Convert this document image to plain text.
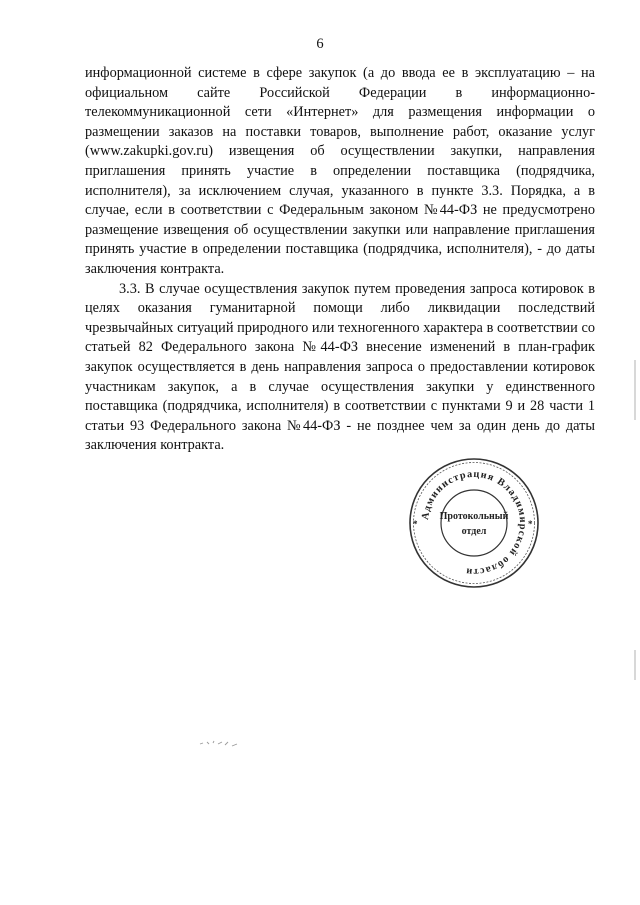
6

информационной системе в сфере закупок (а до ввода ее в эксплуатацию – на официальном сайте Российской Федерации в информационно-телекоммуникационной сети «Интернет» для размещения информации о размещении заказов на поставки товаров, выполнение работ, оказание услуг (www.zakupki.gov.ru) извещения об осуществлении закупки, направления приглашения принять участие в определении поставщика (подрядчика, исполнителя), за исключением случая, указанного в пункте 3.3. Порядка, а в случае, если в соответствии с Федеральным законом №44-ФЗ не предусмотрено размещение извещения об осуществлении закупки или направление приглашения принять участие в определении поставщика (подрядчика, исполнителя), - до даты заключения контракта.

3.3. В случае осуществления закупок путем проведения запроса котировок в целях оказания гуманитарной помощи либо ликвидации последствий чрезвычайных ситуаций природного или техногенного характера в соответствии со статьей 82 Федерального закона №44-ФЗ внесение изменений в план-график закупок осуществляется в день направления запроса о предоставлении котировок участникам закупок, а в случае осуществления закупки у единственного поставщика (подрядчика, исполнителя) в соответствии с пунктами 9 и 28 части 1 статьи 93 Федерального закона №44-ФЗ - не позднее чем за один день до даты заключения контракта.

Администрация Владимирской области
Протокольный
отдел
*	*
